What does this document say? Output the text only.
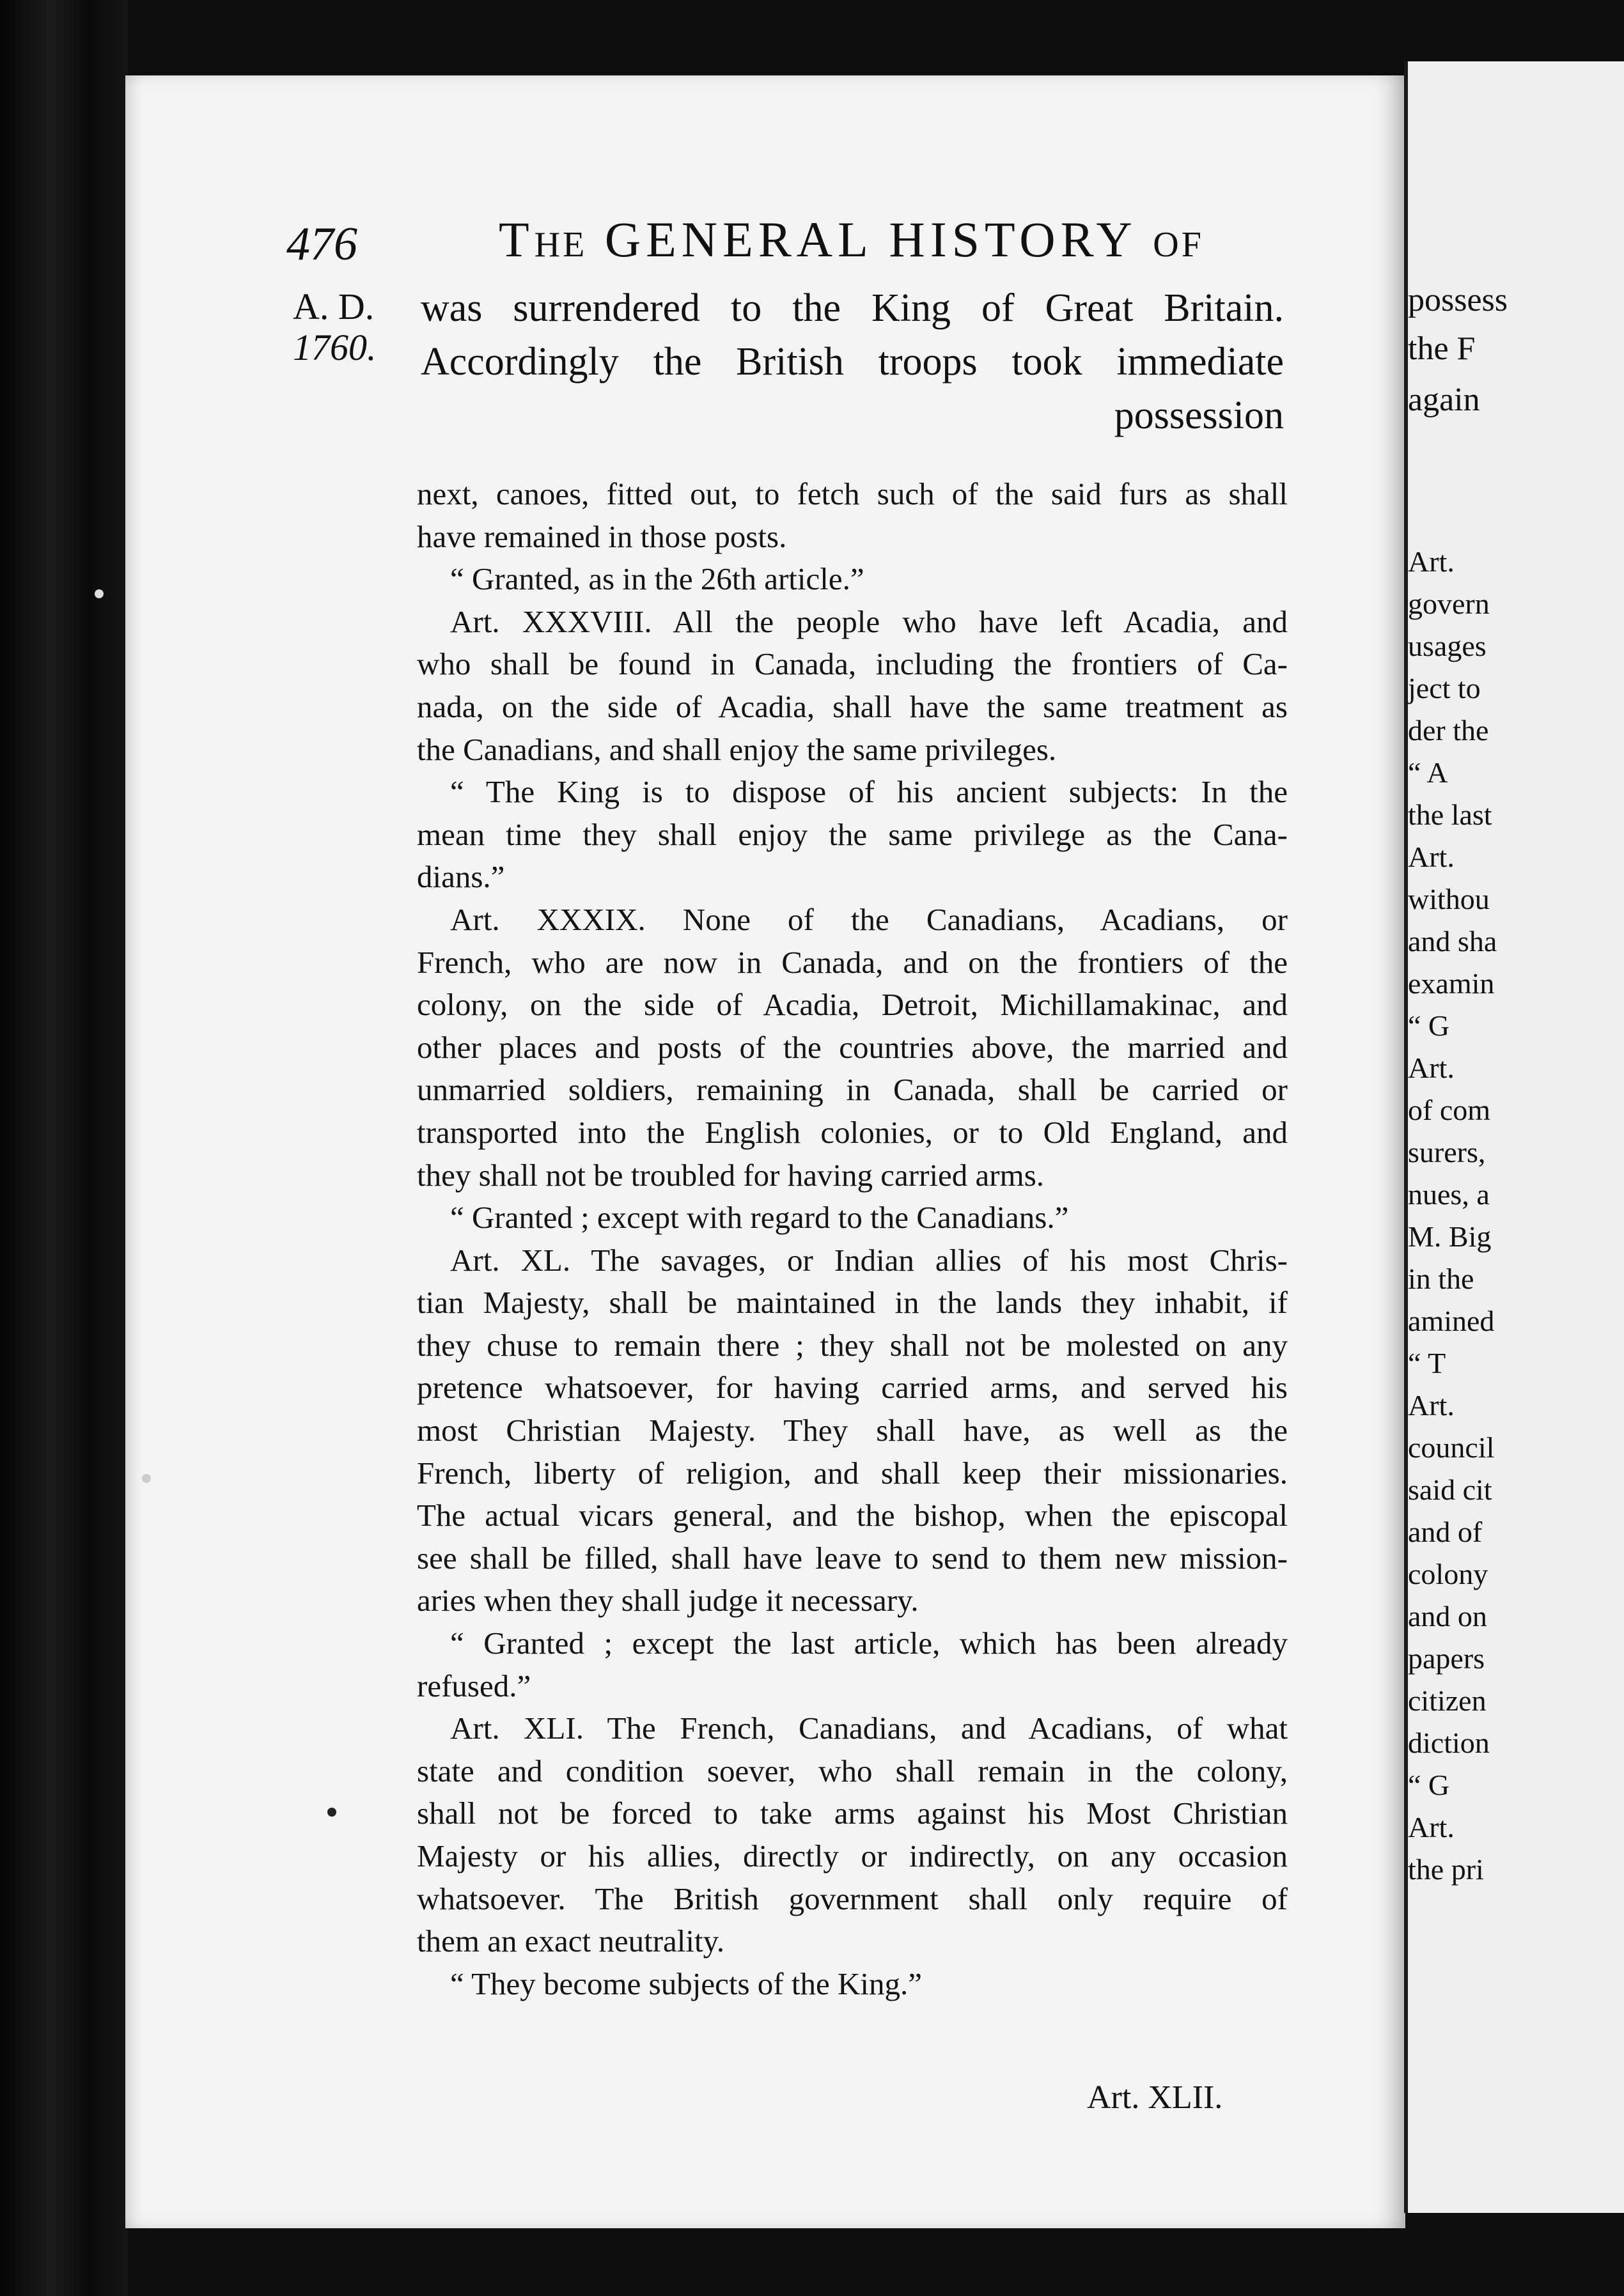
possess
the F
again
Art.
govern
usages
ject to
der the
“ A
the last
Art.
withou
and sha
examin
“ G
Art.
of com
surers,
nues, a
M. Big
in the
amined
“ T
Art.
council
said cit
and of
colony
and on
papers
citizen
diction
“ G
Art.
the pri
476	THE GENERAL HISTORY OF
A. D.
1760.
was surrendered to the King of Great Britain.
Accordingly the British troops took immediate
possession
next, canoes, fitted out, to fetch such of the said furs as shall
have remained in those posts.
“ Granted, as in the 26th article.”
Art. XXXVIII. All the people who have left Acadia, and
who shall be found in Canada, including the frontiers of Ca-
nada, on the side of Acadia, shall have the same treatment as
the Canadians, and shall enjoy the same privileges.
“ The King is to dispose of his ancient subjects: In the
mean time they shall enjoy the same privilege as the Cana-
dians.”
Art. XXXIX. None of the Canadians, Acadians, or
French, who are now in Canada, and on the frontiers of the
colony, on the side of Acadia, Detroit, Michillamakinac, and
other places and posts of the countries above, the married and
unmarried soldiers, remaining in Canada, shall be carried or
transported into the English colonies, or to Old England, and
they shall not be troubled for having carried arms.
“ Granted ; except with regard to the Canadians.”
Art. XL. The savages, or Indian allies of his most Chris-
tian Majesty, shall be maintained in the lands they inhabit, if
they chuse to remain there ; they shall not be molested on any
pretence whatsoever, for having carried arms, and served his
most Christian Majesty. They shall have, as well as the
French, liberty of religion, and shall keep their missionaries.
The actual vicars general, and the bishop, when the episcopal
see shall be filled, shall have leave to send to them new mission-
aries when they shall judge it necessary.
“ Granted ; except the last article, which has been already
refused.”
Art. XLI. The French, Canadians, and Acadians, of what
state and condition soever, who shall remain in the colony,
shall not be forced to take arms against his Most Christian
Majesty or his allies, directly or indirectly, on any occasion
whatsoever. The British government shall only require of
them an exact neutrality.
“ They become subjects of the King.”
Art. XLII.
